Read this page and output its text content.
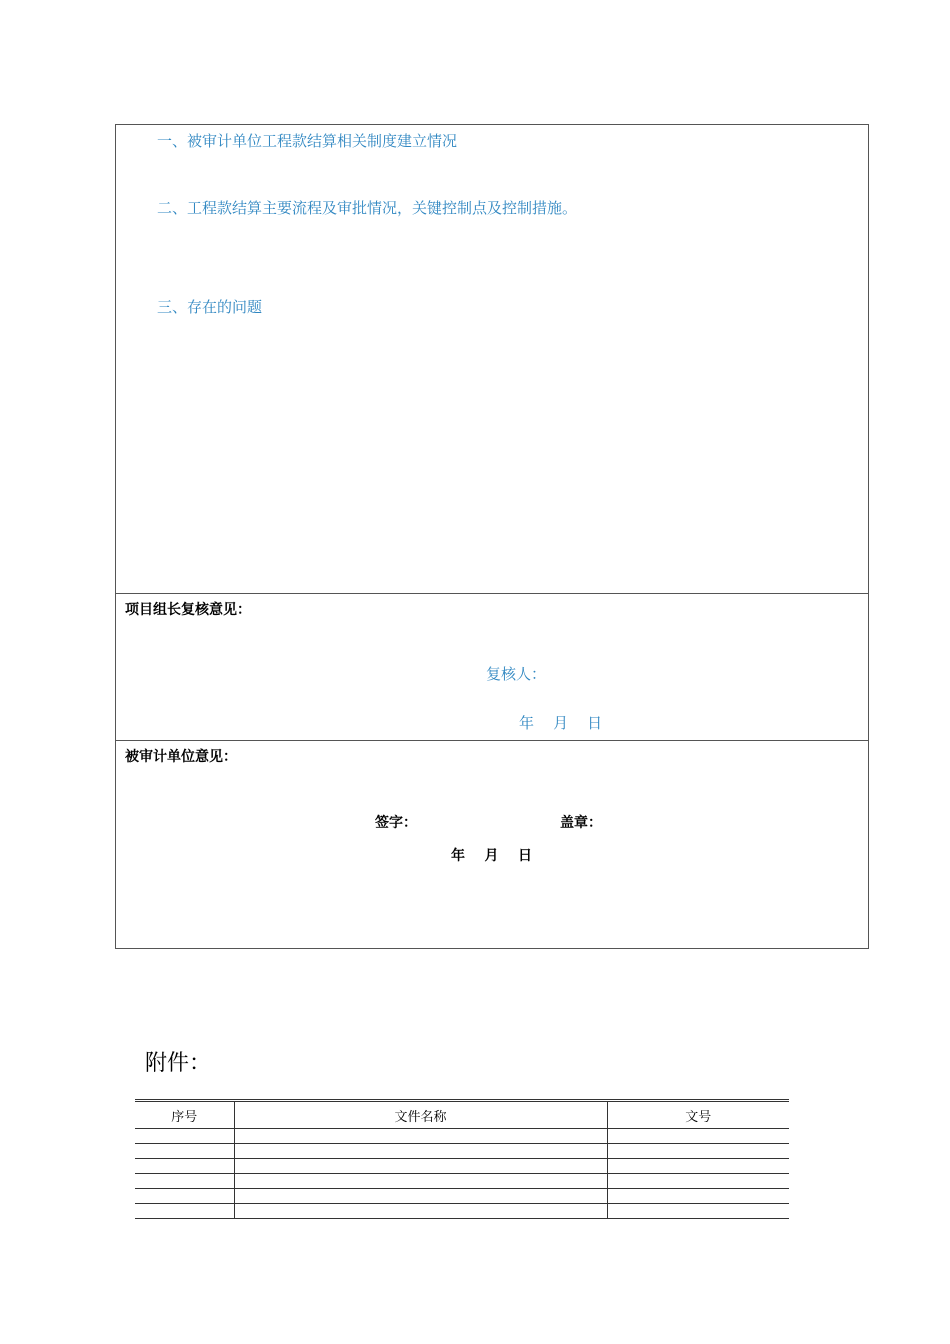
一、被审计单位工程款结算相关制度建立情况
二、工程款结算主要流程及审批情况，关键控制点及控制措施。
三、存在的问题
项目组长复核意见：
复核人：
年    月    日
被审计单位意见：
签字：	盖章：
年    月    日
附件：
序号	文件名称	文号
